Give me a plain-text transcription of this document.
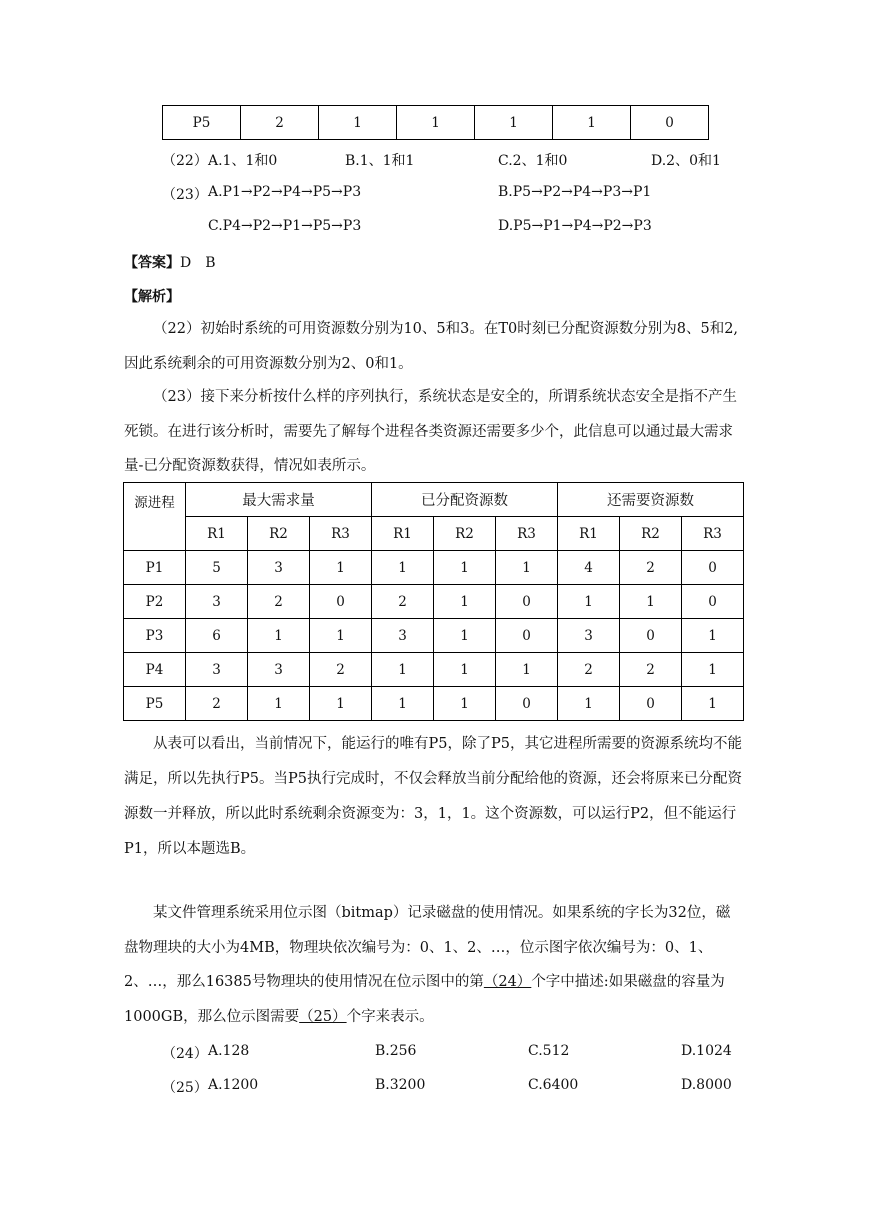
P5	2	1	1	1	1	0
（22） A.1、1和0	B.1、1和1	C.2、1和0	D.2、0和1
（23） A.P1→P2→P4→P5→P3	B.P5→P2→P4→P3→P1
C.P4→P2→P1→P5→P3	D.P5→P1→P4→P2→P3
【答案】D　B
【解析】
（22）初始时系统的可用资源数分别为10、5和3。在T0时刻已分配资源数分别为8、5和2,因此系统剩余的可用资源数分别为2、0和1。
（23）接下来分析按什么样的序列执行，系统状态是安全的，所谓系统状态安全是指不产生死锁。在进行该分析时，需要先了解每个进程各类资源还需要多少个，此信息可以通过最大需求量-已分配资源数获得，情况如表所示。
源进程	最大需求量			已分配资源数			还需要资源数		
	R1	R2	R3	R1	R2	R3	R1	R2	R3
P1	5	3	1	1	1	1	4	2	0
P2	3	2	0	2	1	0	1	1	0
P3	6	1	1	3	1	0	3	0	1
P4	3	3	2	1	1	1	2	2	1
P5	2	1	1	1	1	0	1	0	1
从表可以看出，当前情况下，能运行的唯有P5，除了P5，其它进程所需要的资源系统均不能满足，所以先执行P5。当P5执行完成时，不仅会释放当前分配给他的资源，还会将原来已分配资源数一并释放，所以此时系统剩余资源变为：3，1，1。这个资源数，可以运行P2，但不能运行P1，所以本题选B。
某文件管理系统采用位示图（bitmap）记录磁盘的使用情况。如果系统的字长为32位，磁盘物理块的大小为4MB，物理块依次编号为：0、1、2、…，位示图字依次编号为：0、1、2、…，那么16385号物理块的使用情况在位示图中的第（24）个字中描述:如果磁盘的容量为1000GB，那么位示图需要（25）个字来表示。
（24） A.128	B.256	C.512	D.1024
（25） A.1200	B.3200	C.6400	D.8000
